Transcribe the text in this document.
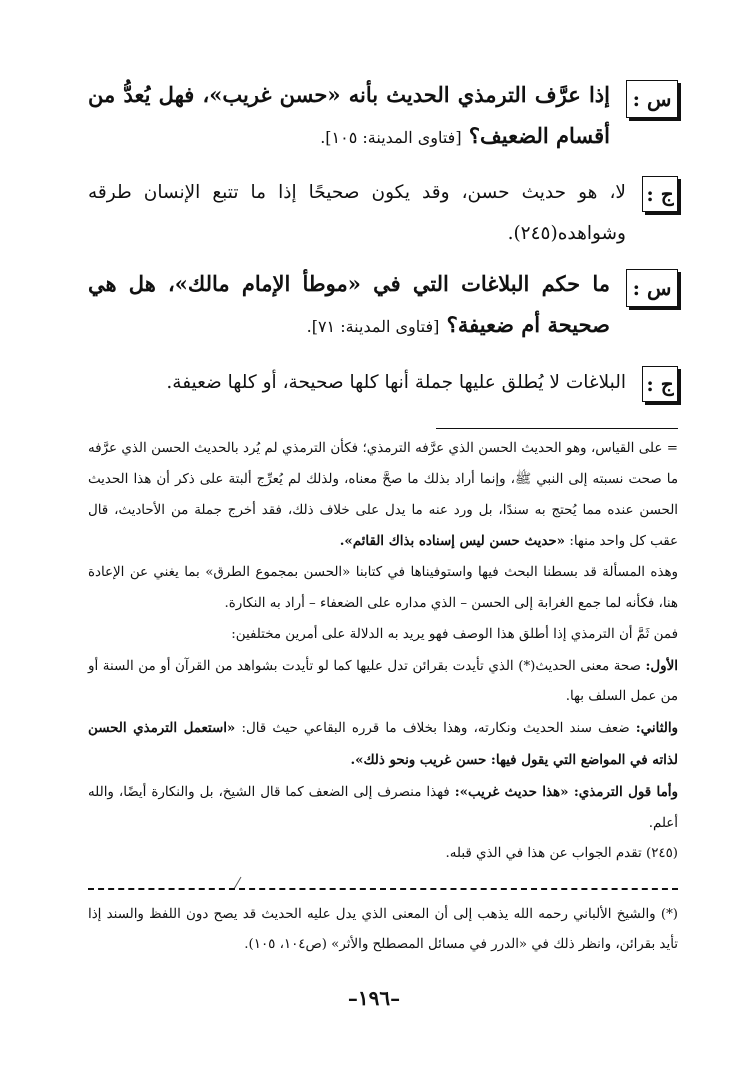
س :
إذا عرَّف الترمذي الحديث بأنه «حسن غريب»، فهل يُعدُّ من أقسام الضعيف؟ [فتاوى المدينة: ١٠٥].
ج :
لا، هو حديث حسن، وقد يكون صحيحًا إذا ما تتبع الإنسان طرقه وشواهده(٢٤٥).
س :
ما حكم البلاغات التي في «موطأ الإمام مالك»، هل هي صحيحة أم ضعيفة؟ [فتاوى المدينة: ٧١].
ج :
البلاغات لا يُطلق عليها جملة أنها كلها صحيحة، أو كلها ضعيفة.

= على القياس، وهو الحديث الحسن الذي عرَّفه الترمذي؛ فكأن الترمذي لم يُرد بالحديث الحسن الذي عرَّفه ما صحت نسبته إلى النبي ﷺ، وإنما أراد بذلك ما صحَّ معناه، ولذلك لم يُعرِّج ألبتة على ذكر أن هذا الحديث الحسن عنده مما يُحتج به سندًا، بل ورد عنه ما يدل على خلاف ذلك، فقد أخرج جملة من الأحاديث، قال عقب كل واحد منها: «حديث حسن ليس إسناده بذاك القائم».

وهذه المسألة قد بسطنا البحث فيها واستوفيناها في كتابنا «الحسن بمجموع الطرق» بما يغني عن الإعادة هنا، فكأنه لما جمع الغرابة إلى الحسن – الذي مداره على الضعفاء – أراد به النكارة.

فمن ثَمَّ أن الترمذي إذا أطلق هذا الوصف فهو يريد به الدلالة على أمرين مختلفين:

الأول: صحة معنى الحديث(*) الذي تأيدت بقرائن تدل عليها كما لو تأيدت بشواهد من القرآن أو من السنة أو من عمل السلف بها.

والثاني: ضعف سند الحديث ونكارته، وهذا بخلاف ما قرره البقاعي حيث قال: «استعمل الترمذي الحسن لذاته في المواضع التي يقول فيها: حسن غريب ونحو ذلك».

وأما قول الترمذي: «هذا حديث غريب»: فهذا منصرف إلى الضعف كما قال الشيخ، بل والنكارة أيضًا، والله أعلم.

(٢٤٥) تقدم الجواب عن هذا في الذي قبله.

(*) والشيخ الألباني رحمه الله يذهب إلى أن المعنى الذي يدل عليه الحديث قد يصح دون اللفظ والسند إذا تأيد بقرائن، وانظر ذلك في «الدرر في مسائل المصطلح والأثر» (ص١٠٤، ١٠٥).

–١٩٦–
